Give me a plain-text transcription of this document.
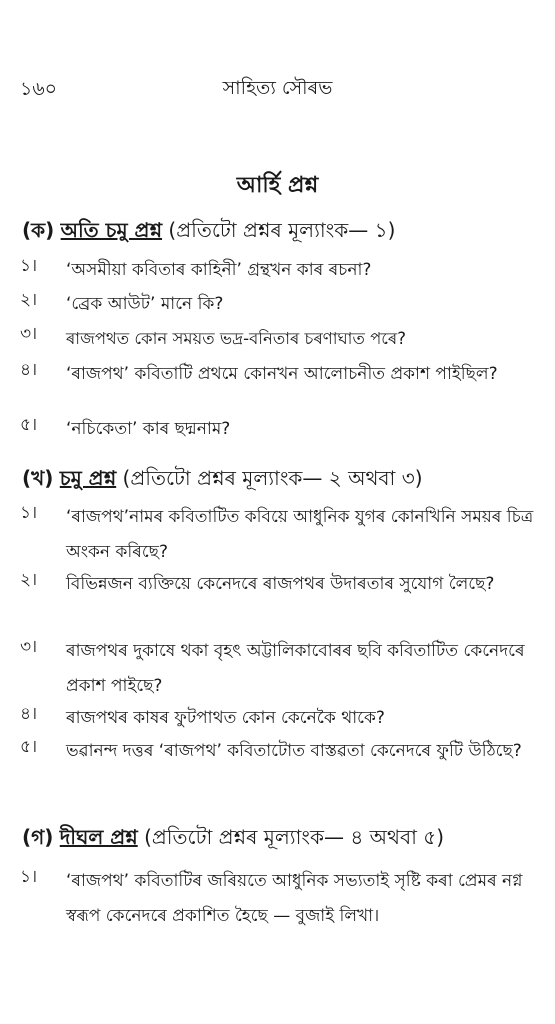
১৬০	সাহিত্য সৌৰভ
আৰ্হি প্ৰশ্ন
(ক) অতি চমু প্ৰশ্ন (প্ৰতিটো প্ৰশ্নৰ মূল্যাংক— ১)
১।	‘অসমীয়া কবিতাৰ কাহিনী’ গ্ৰন্থখন কাৰ ৰচনা?
২।	‘ব্ৰেক আউট’ মানে কি?
৩।	ৰাজপথত কোন সময়ত ভদ্ৰ-বনিতাৰ চৰণাঘাত পৰে?
৪।	‘ৰাজপথ’ কবিতাটি প্ৰথমে কোনখন আলোচনীত প্ৰকাশ পাইছিল?
৫।	‘নচিকেতা’ কাৰ ছদ্মনাম?
(খ) চমু প্ৰশ্ন (প্ৰতিটো প্ৰশ্নৰ মূল্যাংক— ২ অথবা ৩)
১।	‘ৰাজপথ’নামৰ কবিতাটিত কবিয়ে আধুনিক যুগৰ কোনখিনি সময়ৰ চিত্ৰ অংকন কৰিছে?
২।	বিভিন্নজন ব্যক্তিয়ে কেনেদৰে ৰাজপথৰ উদাৰতাৰ সুযোগ লৈছে?
৩।	ৰাজপথৰ দুকাষে থকা বৃহৎ অট্টালিকাবোৰৰ ছবি কবিতাটিত কেনেদৰে প্ৰকাশ পাইছে?
৪।	ৰাজপথৰ কাষৰ ফুটপাথত কোন কেনেকৈ থাকে?
৫।	ভৱানন্দ দত্তৰ ‘ৰাজপথ’ কবিতাটোত বাস্তৱতা কেনেদৰে ফুটি উঠিছে?
(গ) দীঘল প্ৰশ্ন (প্ৰতিটো প্ৰশ্নৰ মূল্যাংক— ৪ অথবা ৫)
১।	‘ৰাজপথ’ কবিতাটিৰ জৰিয়তে আধুনিক সভ্যতাই সৃষ্টি কৰা প্ৰেমৰ নগ্ন স্বৰূপ কেনেদৰে প্ৰকাশিত হৈছে — বুজাই লিখা।
